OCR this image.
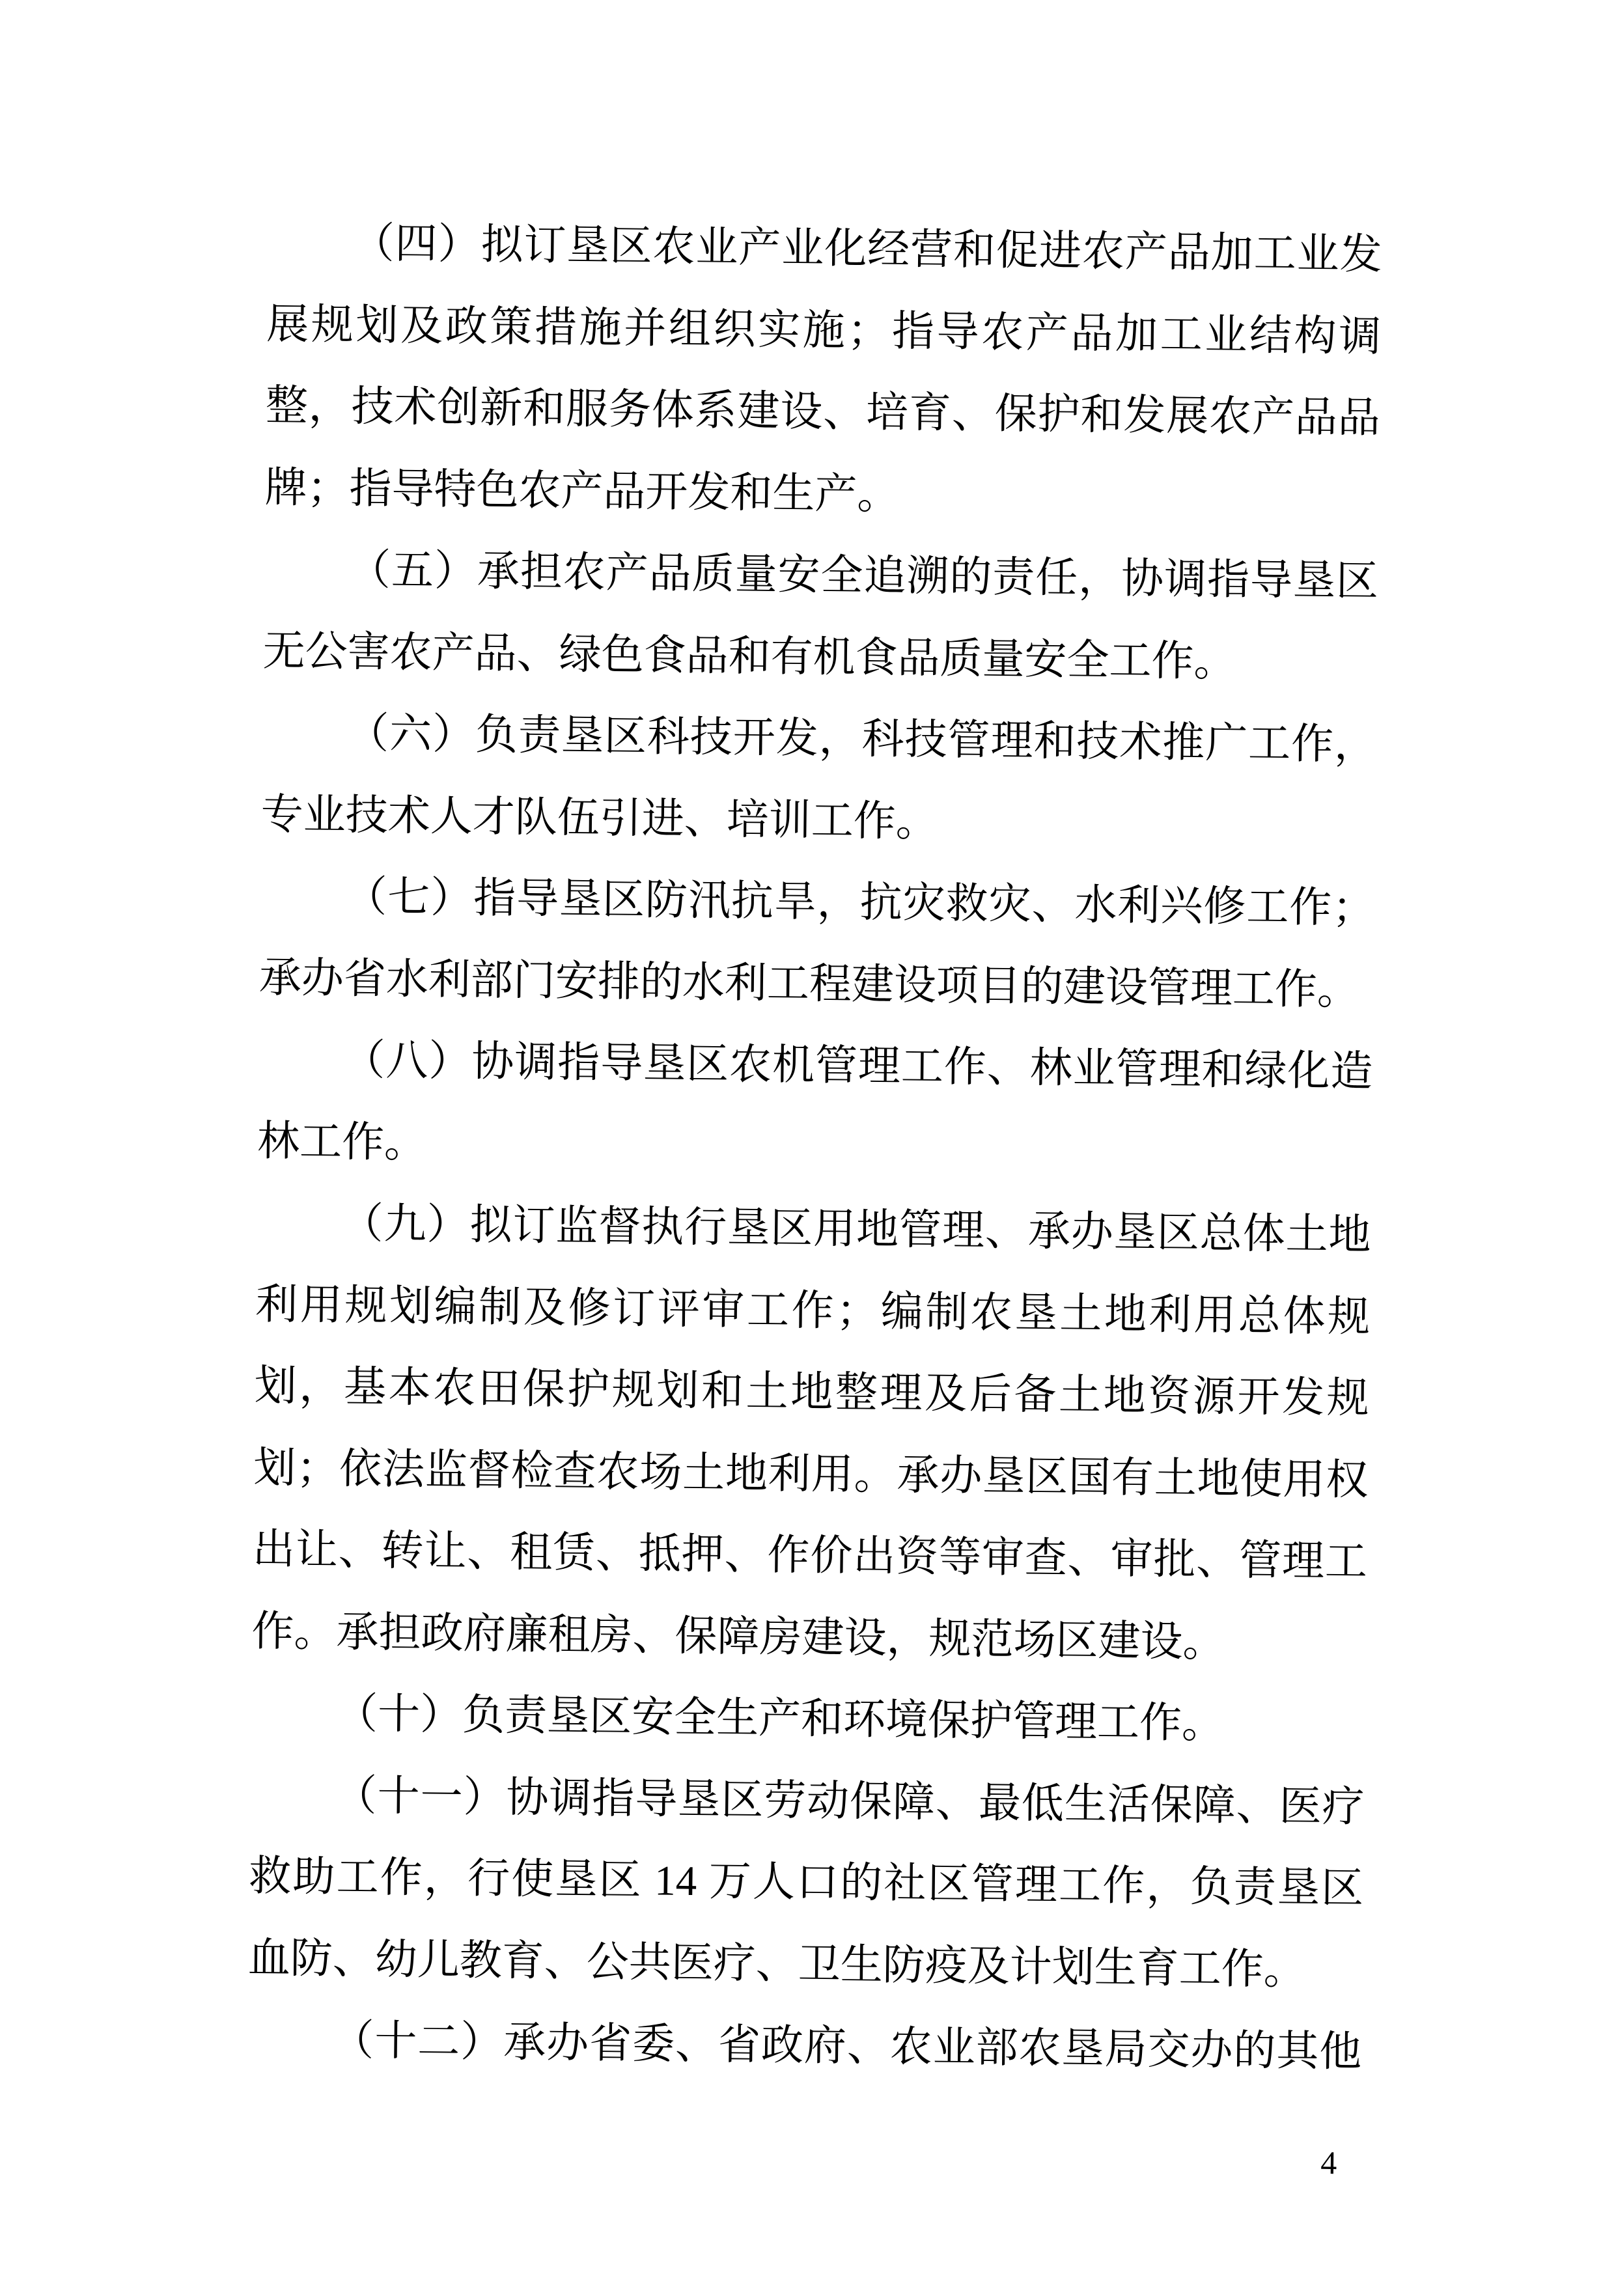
（四）拟订垦区农业产业化经营和促进农产品加工业发
展规划及政策措施并组织实施；指导农产品加工业结构调
整，技术创新和服务体系建设、培育、保护和发展农产品品
牌；指导特色农产品开发和生产。
（五）承担农产品质量安全追溯的责任，协调指导垦区
无公害农产品、绿色食品和有机食品质量安全工作。
（六）负责垦区科技开发，科技管理和技术推广工作，
专业技术人才队伍引进、培训工作。
（七）指导垦区防汛抗旱，抗灾救灾、水利兴修工作；
承办省水利部门安排的水利工程建设项目的建设管理工作。
（八）协调指导垦区农机管理工作、林业管理和绿化造
林工作。
（九）拟订监督执行垦区用地管理、承办垦区总体土地
利用规划编制及修订评审工作；编制农垦土地利用总体规
划，基本农田保护规划和土地整理及后备土地资源开发规
划；依法监督检查农场土地利用。承办垦区国有土地使用权
出让、转让、租赁、抵押、作价出资等审查、审批、管理工
作。承担政府廉租房、保障房建设，规范场区建设。
（十）负责垦区安全生产和环境保护管理工作。
（十一）协调指导垦区劳动保障、最低生活保障、医疗
救助工作，行使垦区 14 万人口的社区管理工作，负责垦区
血防、幼儿教育、公共医疗、卫生防疫及计划生育工作。
（十二）承办省委、省政府、农业部农垦局交办的其他
4
